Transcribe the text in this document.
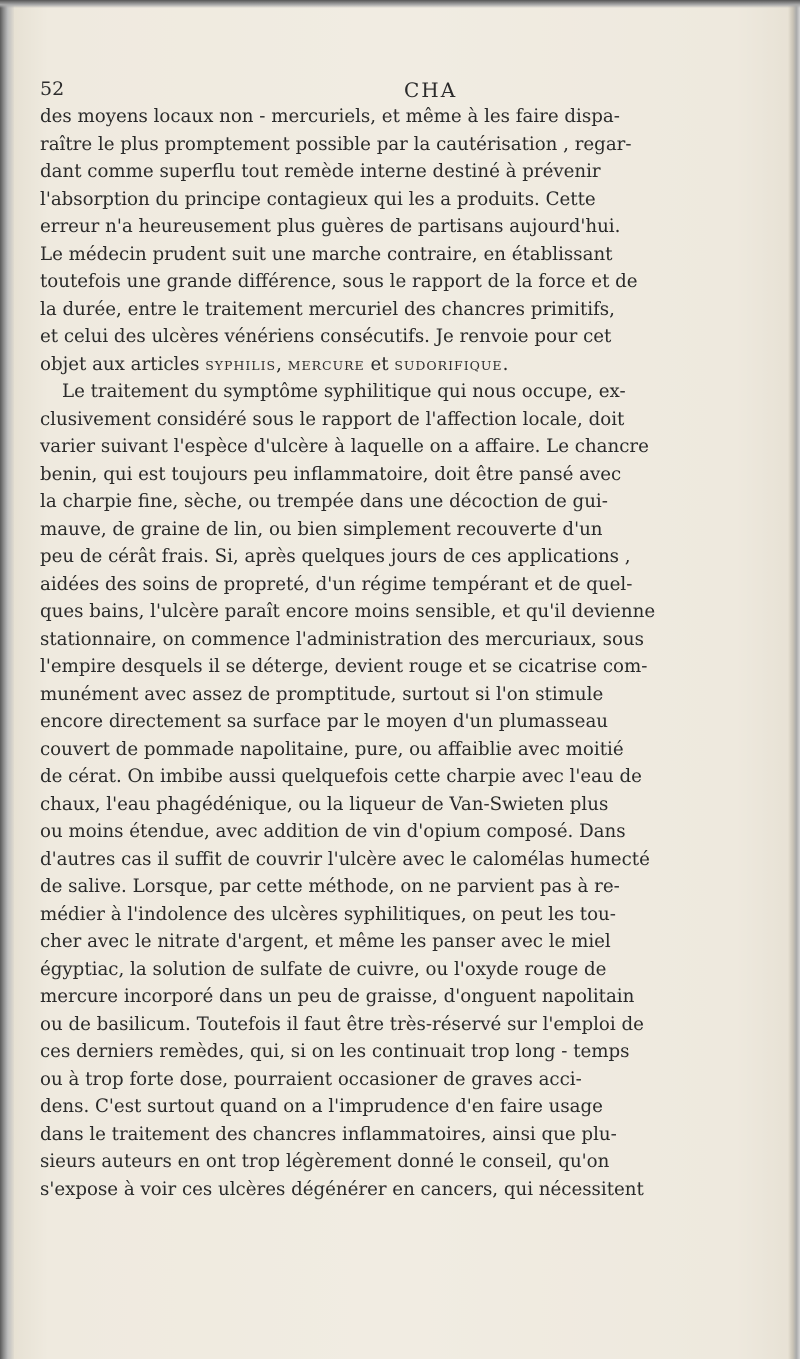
52	CHA
des moyens locaux non - mercuriels, et même à les faire dispa-
raître le plus promptement possible par la cautérisation , regar-
dant comme superflu tout remède interne destiné à prévenir
l'absorption du principe contagieux qui les a produits. Cette
erreur n'a heureusement plus guères de partisans aujourd'hui.
Le médecin prudent suit une marche contraire, en établissant
toutefois une grande différence, sous le rapport de la force et de
la durée, entre le traitement mercuriel des chancres primitifs,
et celui des ulcères vénériens consécutifs. Je renvoie pour cet
objet aux articles SYPHILIS, MERCURE et SUDORIFIQUE.
Le traitement du symptôme syphilitique qui nous occupe, ex-
clusivement considéré sous le rapport de l'affection locale, doit
varier suivant l'espèce d'ulcère à laquelle on a affaire. Le chancre
benin, qui est toujours peu inflammatoire, doit être pansé avec
la charpie fine, sèche, ou trempée dans une décoction de gui-
mauve, de graine de lin, ou bien simplement recouverte d'un
peu de cérât frais. Si, après quelques jours de ces applications ,
aidées des soins de propreté, d'un régime tempérant et de quel-
ques bains, l'ulcère paraît encore moins sensible, et qu'il devienne
stationnaire, on commence l'administration des mercuriaux, sous
l'empire desquels il se déterge, devient rouge et se cicatrise com-
munément avec assez de promptitude, surtout si l'on stimule
encore directement sa surface par le moyen d'un plumasseau
couvert de pommade napolitaine, pure, ou affaiblie avec moitié
de cérat. On imbibe aussi quelquefois cette charpie avec l'eau de
chaux, l'eau phagédénique, ou la liqueur de Van-Swieten plus
ou moins étendue, avec addition de vin d'opium composé. Dans
d'autres cas il suffit de couvrir l'ulcère avec le calomélas humecté
de salive. Lorsque, par cette méthode, on ne parvient pas à re-
médier à l'indolence des ulcères syphilitiques, on peut les tou-
cher avec le nitrate d'argent, et même les panser avec le miel
égyptiac, la solution de sulfate de cuivre, ou l'oxyde rouge de
mercure incorporé dans un peu de graisse, d'onguent napolitain
ou de basilicum. Toutefois il faut être très-réservé sur l'emploi de
ces derniers remèdes, qui, si on les continuait trop long - temps
ou à trop forte dose, pourraient occasioner de graves acci-
dens. C'est surtout quand on a l'imprudence d'en faire usage
dans le traitement des chancres inflammatoires, ainsi que plu-
sieurs auteurs en ont trop légèrement donné le conseil, qu'on
s'expose à voir ces ulcères dégénérer en cancers, qui nécessitent
